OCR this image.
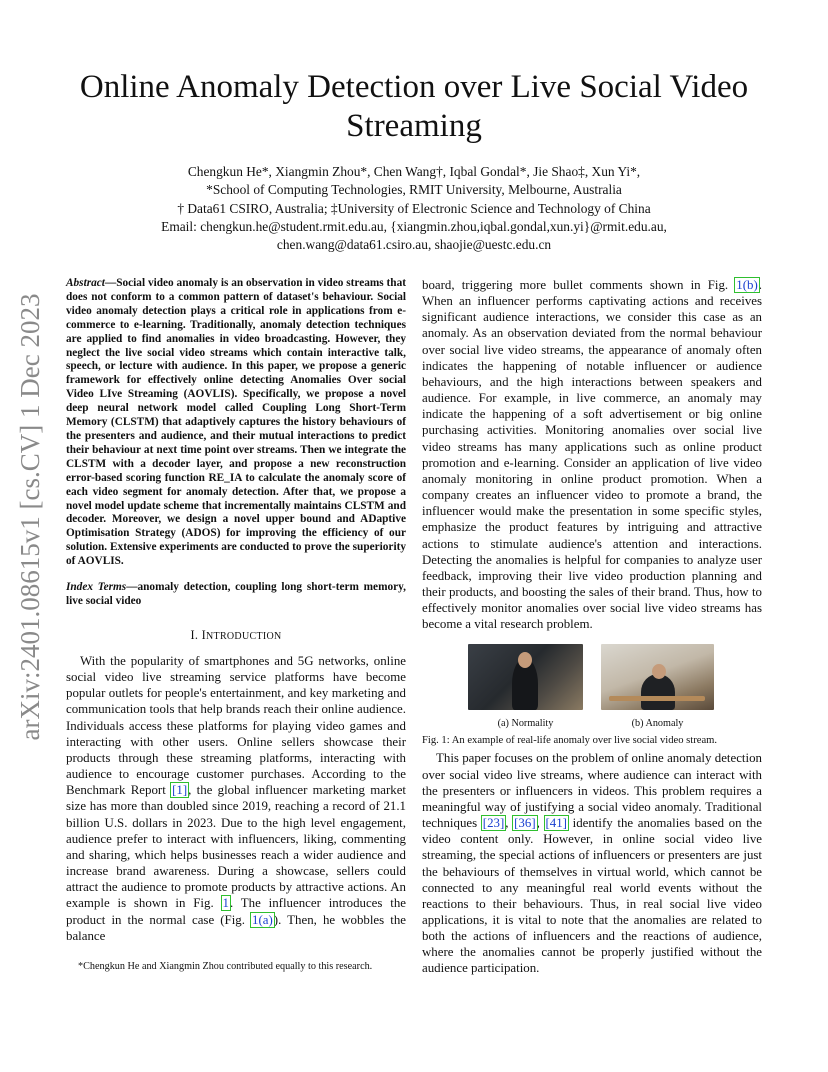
arXiv:2401.08615v1 [cs.CV] 1 Dec 2023
Online Anomaly Detection over Live Social Video
Streaming
Chengkun He*, Xiangmin Zhou*, Chen Wang†, Iqbal Gondal*, Jie Shao‡, Xun Yi*,
*School of Computing Technologies, RMIT University, Melbourne, Australia
† Data61 CSIRO, Australia; ‡University of Electronic Science and Technology of China
Email: chengkun.he@student.rmit.edu.au, {xiangmin.zhou,iqbal.gondal,xun.yi}@rmit.edu.au,
chen.wang@data61.csiro.au, shaojie@uestc.edu.cn

Abstract—Social video anomaly is an observation in video streams that does not conform to a common pattern of dataset's behaviour. Social video anomaly detection plays a critical role in applications from e-commerce to e-learning. Traditionally, anomaly detection techniques are applied to find anomalies in video broadcasting. However, they neglect the live social video streams which contain interactive talk, speech, or lecture with audience. In this paper, we propose a generic framework for effectively online detecting Anomalies Over social Video LIve Streaming (AOVLIS). Specifically, we propose a novel deep neural network model called Coupling Long Short-Term Memory (CLSTM) that adaptively captures the history behaviours of the presenters and audience, and their mutual interactions to predict their behaviour at next time point over streams. Then we integrate the CLSTM with a decoder layer, and propose a new reconstruction error-based scoring function RE_IA to calculate the anomaly score of each video segment for anomaly detection. After that, we propose a novel model update scheme that incrementally maintains CLSTM and decoder. Moreover, we design a novel upper bound and ADaptive Optimisation Strategy (ADOS) for improving the efficiency of our solution. Extensive experiments are conducted to prove the superiority of AOVLIS.

Index Terms—anomaly detection, coupling long short-term memory, live social video

I. INTRODUCTION

With the popularity of smartphones and 5G networks, online social video live streaming service platforms have become popular outlets for people's entertainment, and key marketing and communication tools that help brands reach their online audience. Individuals access these platforms for playing video games and interacting with other users. Online sellers showcase their products through these streaming platforms, interacting with audience to encourage customer purchases. According to the Benchmark Report [1], the global influencer marketing market size has more than doubled since 2019, reaching a record of 21.1 billion U.S. dollars in 2023. Due to the high level engagement, audience prefer to interact with influencers, liking, commenting and sharing, which helps businesses reach a wider audience and increase brand awareness. During a showcase, sellers could attract the audience to promote products by attractive actions. An example is shown in Fig. 1. The influencer introduces the product in the normal case (Fig. 1(a)). Then, he wobbles the balance

*Chengkun He and Xiangmin Zhou contributed equally to this research.

board, triggering more bullet comments shown in Fig. 1(b). When an influencer performs captivating actions and receives significant audience interactions, we consider this case as an anomaly. As an observation deviated from the normal behaviour over social live video streams, the appearance of anomaly often indicates the happening of notable influencer or audience behaviours, and the high interactions between speakers and audience. For example, in live commerce, an anomaly may indicate the happening of a soft advertisement or big online purchasing activities. Monitoring anomalies over social live video streams has many applications such as online product promotion and e-learning. Consider an application of live video anomaly monitoring in online product promotion. When a company creates an influencer video to promote a brand, the influencer would make the presentation in some specific styles, emphasize the product features by intriguing and attractive actions to stimulate audience's attention and interactions. Detecting the anomalies is helpful for companies to analyze user feedback, improving their live video production planning and their products, and boosting the sales of their brand. Thus, how to effectively monitor anomalies over social live video streams has become a vital research problem.

(a) Normality	(b) Anomaly
Fig. 1: An example of real-life anomaly over live social video stream.

This paper focuses on the problem of online anomaly detection over social video live streams, where audience can interact with the presenters or influencers in videos. This problem requires a meaningful way of justifying a social video anomaly. Traditional techniques [23], [36], [41] identify the anomalies based on the video content only. However, in online social video live streaming, the special actions of influencers or presenters are just the behaviours of themselves in virtual world, which cannot be connected to any meaningful real world events without the reactions to their behaviours. Thus, in real social live video applications, it is vital to note that the anomalies are related to both the actions of influencers and the reactions of audience, where the anomalies cannot be properly justified without the audience participation.
